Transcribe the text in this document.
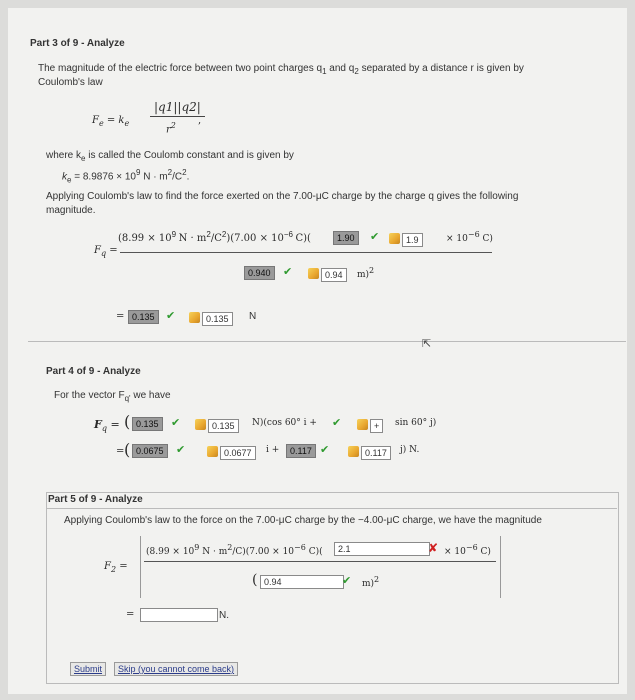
Part 3 of 9 - Analyze
The magnitude of the electric force between two point charges $q_1$ and $q_2$ separated by a distance r is given by
Coulomb's law
$F_e = k_e$
|q1||q2|
$r^2$ ,
where $k_e$ is called the Coulomb constant and is given by
$k_e = 8.9876 \times 10^9$ $N \cdot m^2/C^2$.
Applying Coulomb's law to find the force exerted on the 7.00-μC charge by the charge q gives the following
magnitude.
$F_q$ =
($8.99 \times 10^9$ $N \cdot m^2/C^2)(7.00 \times 10^{-6}$ C)(	1.90	✔	1.9	× $10^{-6}$ C)
0.940	✔	0.94	m)$^2$
= 0.135	✔	0.135	N
⇱
Part 4 of 9 - Analyze
For the vector $F_{q'}$ we have
$F_q$ = ( 0.135	✔	0.135	N)(cos 60° i + ✔	+	sin 60° j)
= ( 0.0675	✔	0.0677	i +	0.117 ✔	0.117	j) N.
Part 5 of 9 - Analyze
Applying Coulomb's law to the force on the 7.00-μC charge by the −4.00-μC charge, we have the magnitude
$F_2$ =
($8.99 \times 10^9$ $N \cdot m^2/C)(7.00 \times 10^{-6}$ C)(	2.1	✘ × $10^{-6}$ C)
( 0.94	✔ m)$^2$
=	N.
Submit	Skip (you cannot come back)
